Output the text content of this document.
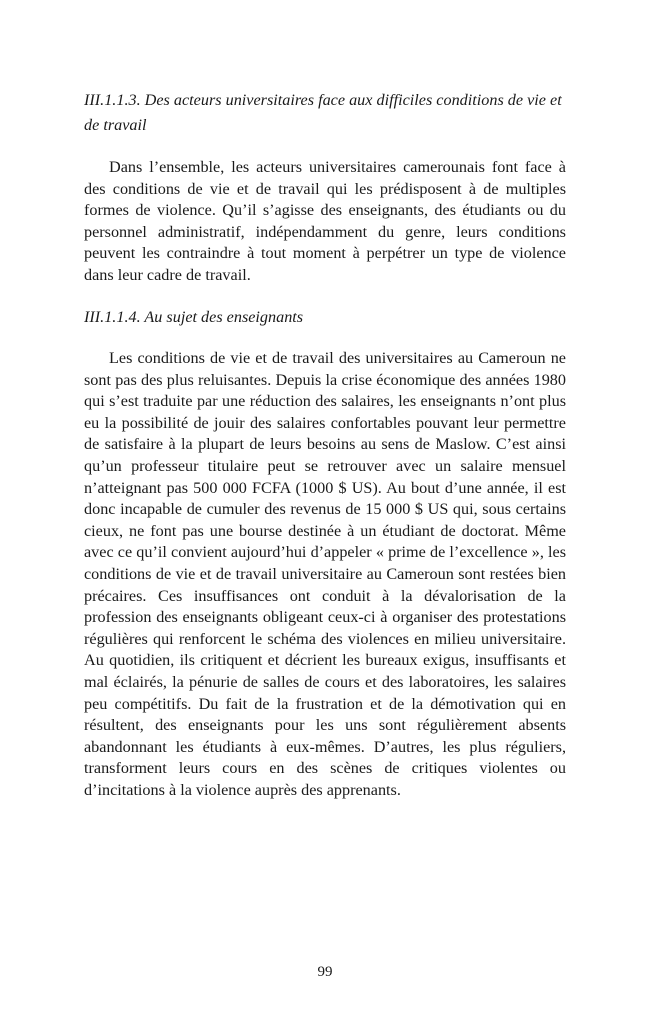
III.1.1.3. Des acteurs universitaires face aux difficiles conditions de vie et de travail

Dans l’ensemble, les acteurs universitaires camerounais font face à des conditions de vie et de travail qui les prédisposent à de multiples formes de violence. Qu’il s’agisse des enseignants, des étudiants ou du personnel administratif, indépendamment du genre, leurs conditions peuvent les contraindre à tout moment à perpétrer un type de violence dans leur cadre de travail.

III.1.1.4. Au sujet des enseignants

Les conditions de vie et de travail des universitaires au Cameroun ne sont pas des plus reluisantes. Depuis la crise économique des années 1980 qui s’est traduite par une réduction des salaires, les enseignants n’ont plus eu la possibilité de jouir des salaires confortables pouvant leur permettre de satisfaire à la plupart de leurs besoins au sens de Maslow. C’est ainsi qu’un professeur titulaire peut se retrouver avec un salaire mensuel n’atteignant pas 500 000 FCFA (1000 $ US). Au bout d’une année, il est donc incapable de cumuler des revenus de 15 000 $ US qui, sous certains cieux, ne font pas une bourse destinée à un étudiant de doctorat. Même avec ce qu’il convient aujourd’hui d’appeler « prime de l’excellence », les conditions de vie et de travail universitaire au Cameroun sont restées bien précaires. Ces insuffisances ont conduit à la dévalorisation de la profession des enseignants obligeant ceux-ci à organiser des protestations régulières qui renforcent le schéma des violences en milieu universitaire. Au quotidien, ils critiquent et décrient les bureaux exigus, insuffisants et mal éclairés, la pénurie de salles de cours et des laboratoires, les salaires peu compétitifs. Du fait de la frustration et de la démotivation qui en résultent, des enseignants pour les uns sont régulièrement absents abandonnant les étudiants à eux-mêmes. D’autres, les plus réguliers, transforment leurs cours en des scènes de critiques violentes ou d’incitations à la violence auprès des apprenants.

99
